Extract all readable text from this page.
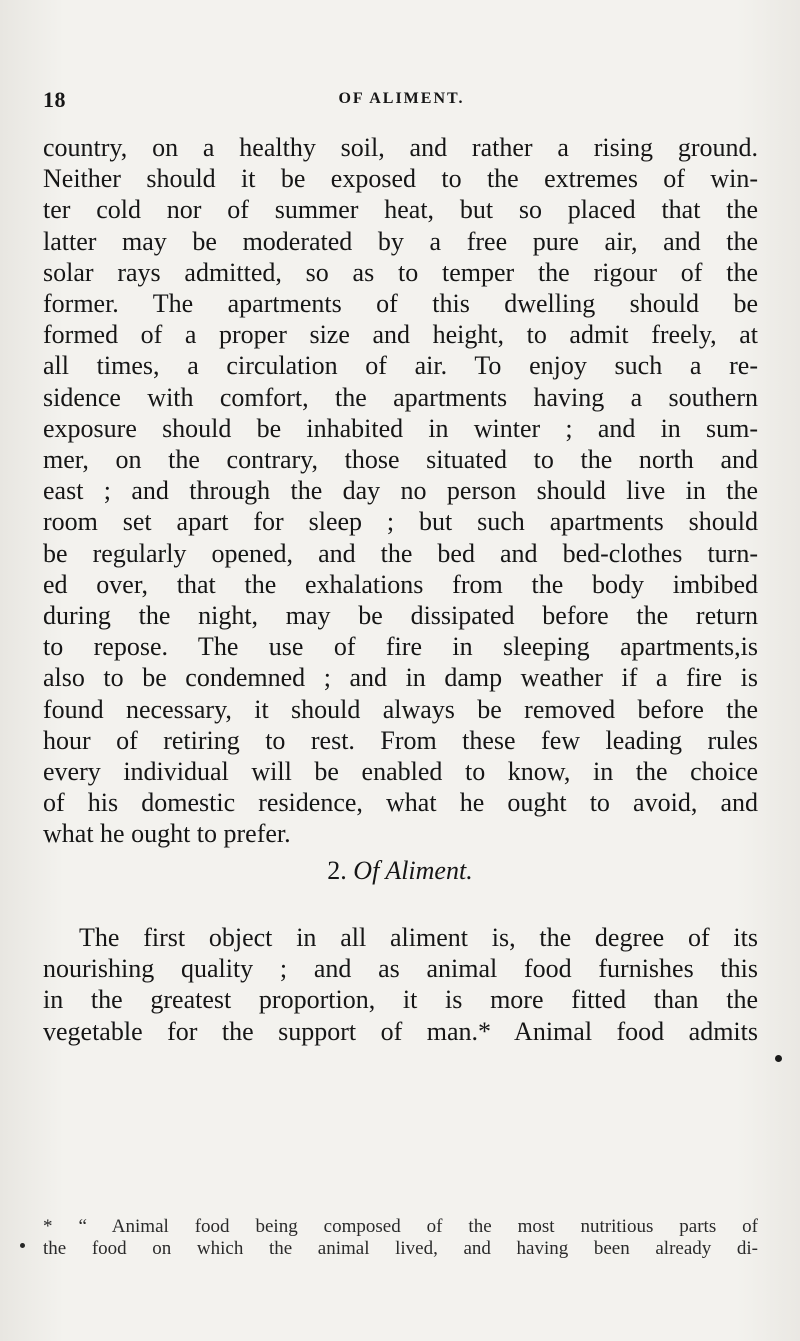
18	OF ALIMENT.
country, on a healthy soil, and rather a rising ground.
Neither should it be exposed to the extremes of win-
ter cold nor of summer heat, but so placed that the
latter may be moderated by a free pure air, and the
solar rays admitted, so as to temper the rigour of the
former. The apartments of this dwelling should be
formed of a proper size and height, to admit freely, at
all times, a circulation of air. To enjoy such a re-
sidence with comfort, the apartments having a southern
exposure should be inhabited in winter ; and in sum-
mer, on the contrary, those situated to the north and
east ; and through the day no person should live in the
room set apart for sleep ; but such apartments should
be regularly opened, and the bed and bed-clothes turn-
ed over, that the exhalations from the body imbibed
during the night, may be dissipated before the return
to repose. The use of fire in sleeping apartments,is
also to be condemned ; and in damp weather if a fire is
found necessary, it should always be removed before the
hour of retiring to rest. From these few leading rules
every individual will be enabled to know, in the choice
of his domestic residence, what he ought to avoid, and
what he ought to prefer.
2. Of Aliment.
The first object in all aliment is, the degree of its
nourishing quality ; and as animal food furnishes this
in the greatest proportion, it is more fitted than the
vegetable for the support of man.* Animal food admits
* “ Animal food being composed of the most nutritious parts of
the food on which the animal lived, and having been already di-
